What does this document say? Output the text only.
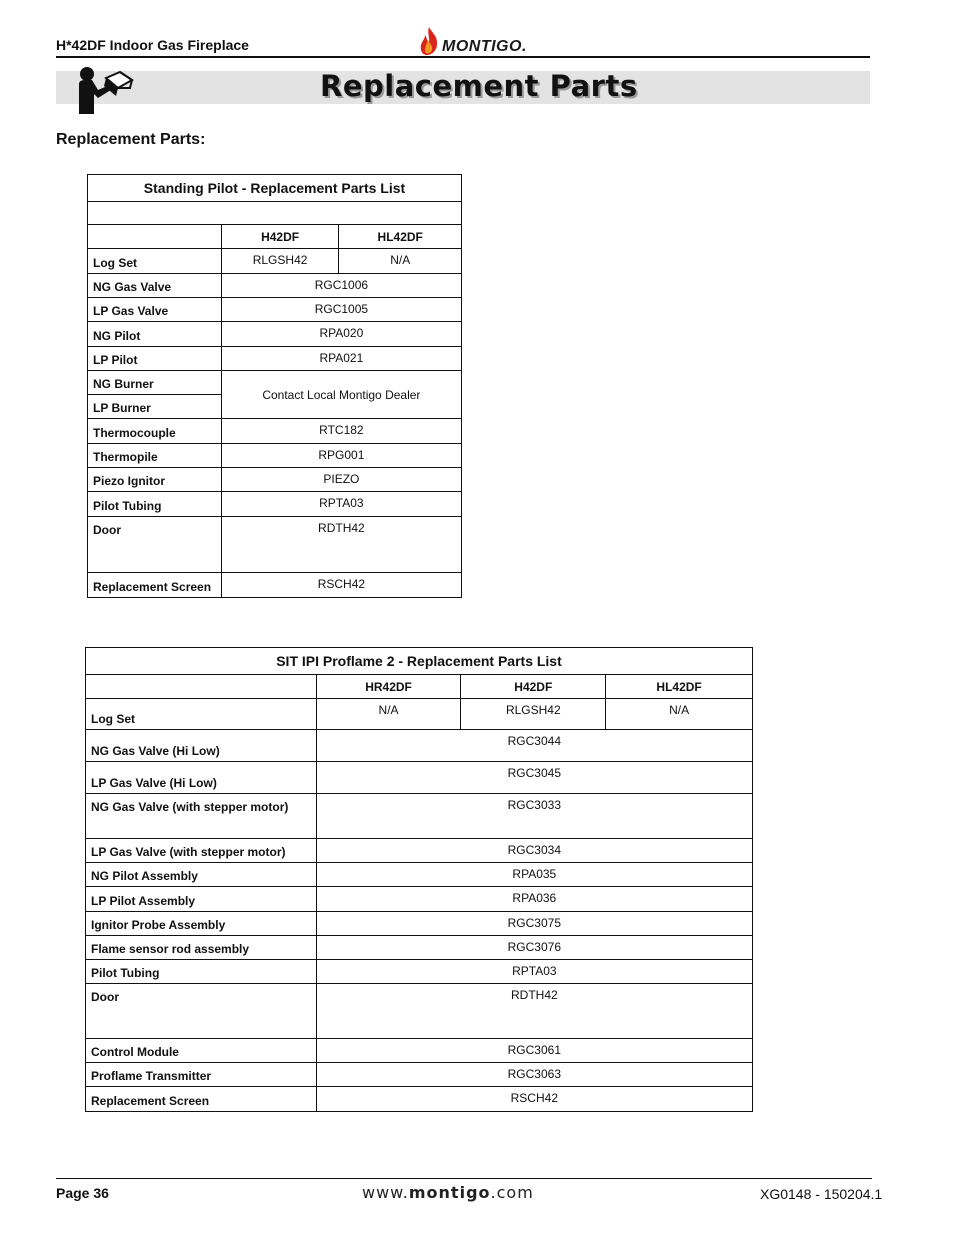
H*42DF Indoor Gas Fireplace	MONTIGO.
Replacement Parts
Replacement Parts:
Standing Pilot - Replacement Parts List		

	H42DF	HL42DF
Log Set	RLGSH42	N/A
NG Gas Valve	RGC1006	
LP Gas Valve	RGC1005	
NG Pilot	RPA020	
LP Pilot	RPA021	
NG Burner	Contact Local Montigo Dealer	
LP Burner		
Thermocouple	RTC182	
Thermopile	RPG001	
Piezo Ignitor	PIEZO	
Pilot Tubing	RPTA03	
Door	RDTH42	
Replacement Screen	RSCH42	
SIT IPI Proflame 2 - Replacement Parts List			
	HR42DF	H42DF	HL42DF
Log Set	N/A	RLGSH42	N/A
NG Gas Valve (Hi Low)	RGC3044		
LP Gas Valve (Hi Low)	RGC3045		
NG Gas Valve (with stepper motor)	RGC3033		
LP Gas Valve (with stepper motor)	RGC3034		
NG Pilot Assembly	RPA035		
LP Pilot Assembly	RPA036		
Ignitor Probe Assembly	RGC3075		
Flame sensor rod assembly	RGC3076		
Pilot Tubing	RPTA03		
Door	RDTH42		
Control Module	RGC3061		
Proflame Transmitter	RGC3063		
Replacement Screen	RSCH42		
Page 36	www.montigo.com	XG0148 - 150204.1
